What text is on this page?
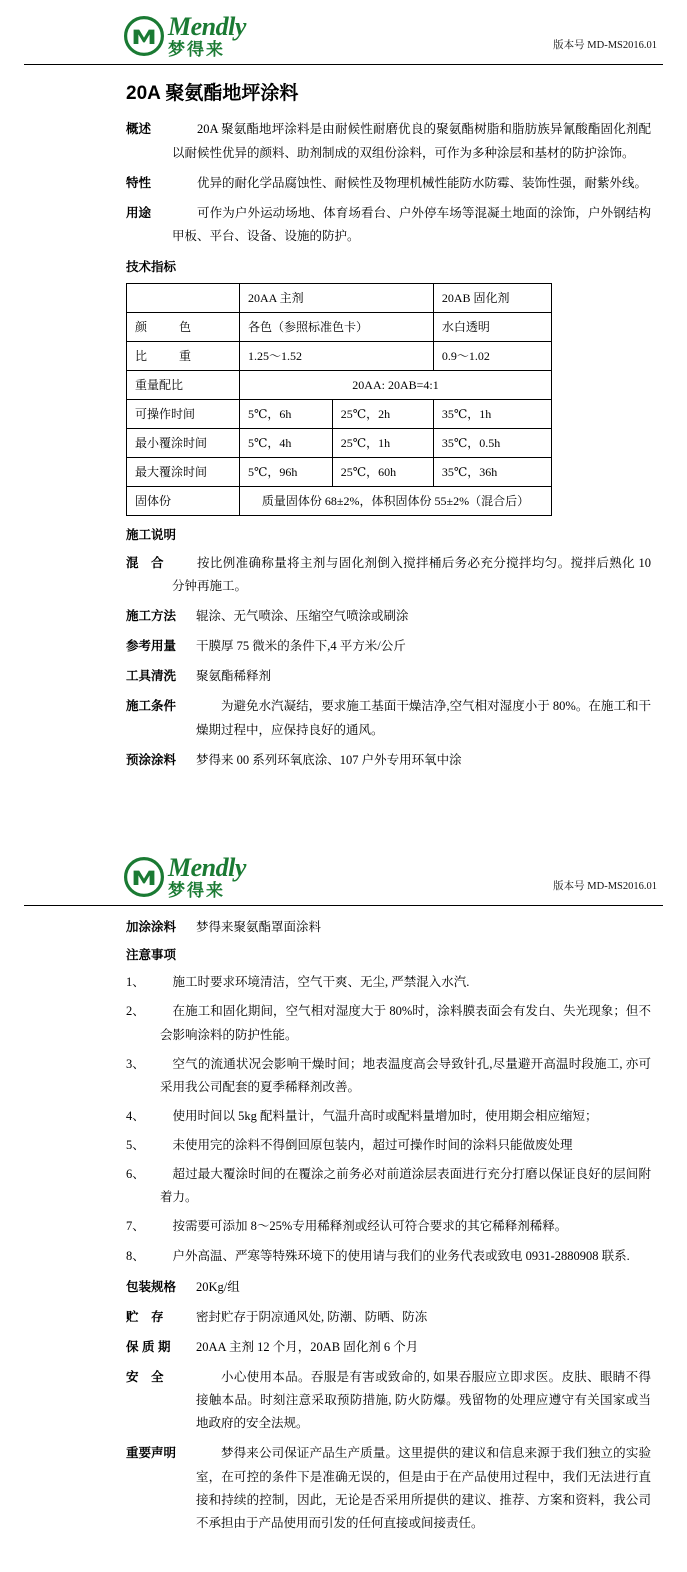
Mendly
梦得来	版本号 MD-MS2016.01
20A 聚氨酯地坪涂料
概述	20A 聚氨酯地坪涂料是由耐候性耐磨优良的聚氨酯树脂和脂肪族异氰酸酯固化剂配以耐候性优异的颜料、助剂制成的双组份涂料，可作为多种涂层和基材的防护涂饰。
特性	优异的耐化学品腐蚀性、耐候性及物理机械性能防水防霉、装饰性强，耐紫外线。
用途	可作为户外运动场地、体育场看台、户外停车场等混凝土地面的涂饰，户外钢结构甲板、平台、设备、设施的防护。
技术指标
	20AA 主剂		20AB 固化剂
颜　色	各色（参照标准色卡）		水白透明
比　重	1.25～1.52		0.9～1.02
重量配比	20AA: 20AB=4:1		
可操作时间	5℃，6h	25℃，2h	35℃，1h
最小覆涂时间	5℃，4h	25℃，1h	35℃，0.5h
最大覆涂时间	5℃，96h	25℃，60h	35℃，36h
固体份	质量固体份 68±2%，体积固体份 55±2%（混合后）		
施工说明
混　合	按比例准确称量将主剂与固化剂倒入搅拌桶后务必充分搅拌均匀。搅拌后熟化 10 分钟再施工。
施工方法	辊涂、无气喷涂、压缩空气喷涂或刷涂
参考用量	干膜厚 75 微米的条件下,4 平方米/公斤
工具清洗	聚氨酯稀释剂
施工条件	为避免水汽凝结，要求施工基面干燥洁净,空气相对湿度小于 80%。在施工和干燥期过程中，应保持良好的通风。
预涂涂料	梦得来 00 系列环氧底涂、107 户外专用环氧中涂
Mendly
梦得来	版本号 MD-MS2016.01
加涂涂料	梦得来聚氨酯罩面涂料
注意事项
1、	施工时要求环境清洁，空气干爽、无尘, 严禁混入水汽.
2、	在施工和固化期间，空气相对湿度大于 80%时，涂料膜表面会有发白、失光现象；但不会影响涂料的防护性能。
3、	空气的流通状况会影响干燥时间；地表温度高会导致针孔,尽量避开高温时段施工, 亦可采用我公司配套的夏季稀释剂改善。
4、	使用时间以 5kg 配料量计，气温升高时或配料量增加时，使用期会相应缩短；
5、	未使用完的涂料不得倒回原包装内，超过可操作时间的涂料只能做废处理
6、	超过最大覆涂时间的在覆涂之前务必对前道涂层表面进行充分打磨以保证良好的层间附着力。
7、	按需要可添加 8～25%专用稀释剂或经认可符合要求的其它稀释剂稀释。
8、	户外高温、严寒等特殊环境下的使用请与我们的业务代表或致电 0931-2880908 联系.
包装规格	20Kg/组
贮　存	密封贮存于阴凉通风处, 防潮、防晒、防冻
保 质 期	20AA 主剂 12 个月，20AB 固化剂 6 个月
安　全	小心使用本品。吞服是有害或致命的, 如果吞服应立即求医。皮肤、眼睛不得接触本品。时刻注意采取预防措施, 防火防爆。残留物的处理应遵守有关国家或当地政府的安全法规。
重要声明	梦得来公司保证产品生产质量。这里提供的建议和信息来源于我们独立的实验室，在可控的条件下是准确无误的，但是由于在产品使用过程中，我们无法进行直接和持续的控制，因此，无论是否采用所提供的建议、推荐、方案和资料，我公司不承担由于产品使用而引发的任何直接或间接责任。
